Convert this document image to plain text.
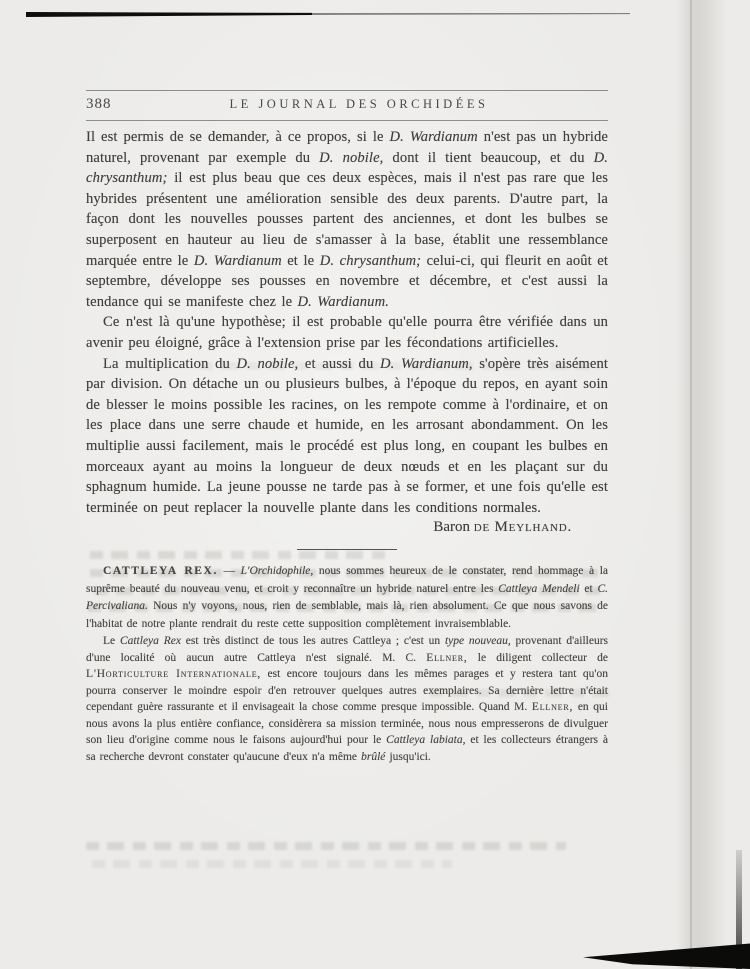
388	LE JOURNAL DES ORCHIDÉES

Il est permis de se demander, à ce propos, si le D. Wardianum n'est pas un hybride naturel, provenant par exemple du D. nobile, dont il tient beaucoup, et du D. chrysanthum; il est plus beau que ces deux espèces, mais il n'est pas rare que les hybrides présentent une amélioration sensible des deux parents. D'autre part, la façon dont les nouvelles pousses partent des anciennes, et dont les bulbes se superposent en hauteur au lieu de s'amasser à la base, établit une ressemblance marquée entre le D. Wardianum et le D. chrysanthum; celui-ci, qui fleurit en août et septembre, développe ses pousses en novembre et décembre, et c'est aussi la tendance qui se manifeste chez le D. Wardianum.

Ce n'est là qu'une hypothèse; il est probable qu'elle pourra être vérifiée dans un avenir peu éloigné, grâce à l'extension prise par les fécondations artificielles.

La multiplication du D. nobile, et aussi du D. Wardianum, s'opère très aisément par division. On détache un ou plusieurs bulbes, à l'époque du repos, en ayant soin de blesser le moins possible les racines, on les rempote comme à l'ordinaire, et on les place dans une serre chaude et humide, en les arrosant abondamment. On les multiplie aussi facilement, mais le procédé est plus long, en coupant les bulbes en morceaux ayant au moins la longueur de deux nœuds et en les plaçant sur du sphagnum humide. La jeune pousse ne tarde pas à se former, et une fois qu'elle est terminée on peut replacer la nouvelle plante dans les conditions normales.

Baron de Meylhand.

CATTLEYA REX. — L'Orchidophile, nous sommes heureux de le constater, rend hommage à la suprême beauté du nouveau venu, et croit y reconnaître un hybride naturel entre les Cattleya Mendeli et C. Percivaliana. Nous n'y voyons, nous, rien de semblable, mais là, rien absolument. Ce que nous savons de l'habitat de notre plante rendrait du reste cette supposition complètement invraisemblable.

Le Cattleya Rex est très distinct de tous les autres Cattleya ; c'est un type nouveau, provenant d'ailleurs d'une localité où aucun autre Cattleya n'est signalé. M. C. Ellner, le diligent collecteur de L'Horticulture Internationale, est encore toujours dans les mêmes parages et y restera tant qu'on pourra conserver le moindre espoir d'en retrouver quelques autres exemplaires. Sa dernière lettre n'était cependant guère rassurante et il envisageait la chose comme presque impossible. Quand M. Ellner, en qui nous avons la plus entière confiance, considèrera sa mission terminée, nous nous empresserons de divulguer son lieu d'origine comme nous le faisons aujourd'hui pour le Cattleya labiata, et les collecteurs étrangers à sa recherche devront constater qu'aucune d'eux n'a même brûlé jusqu'ici.
